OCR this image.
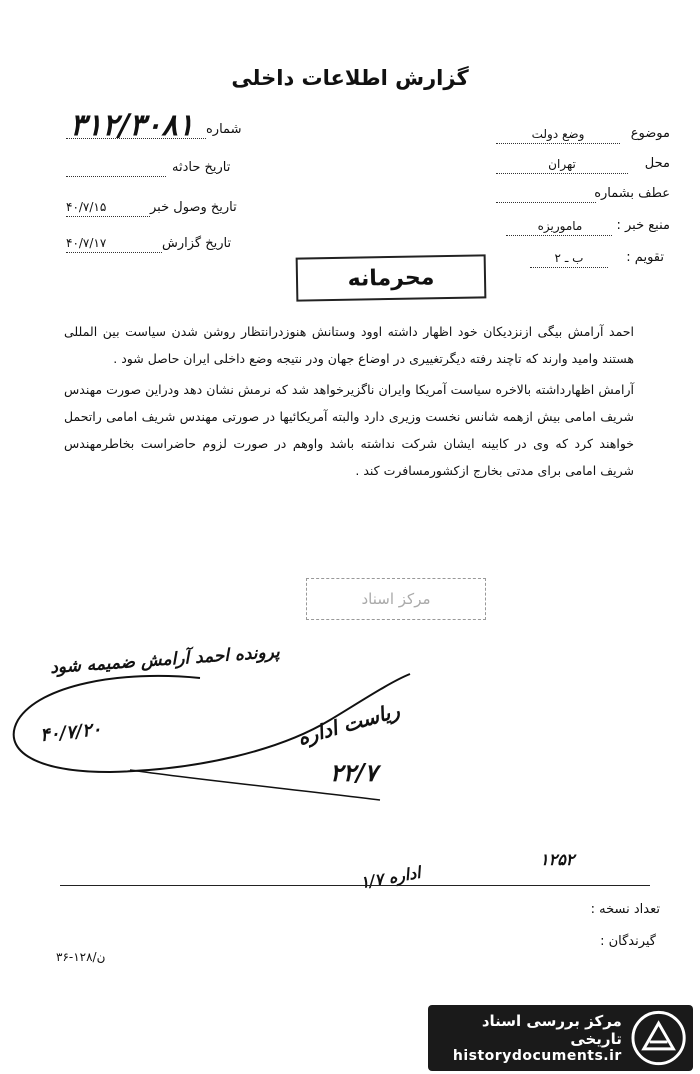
گزارش اطلاعات داخلی
شماره
۳۱۲/۳۰۸۱
تاریخ حادثه
تاریخ وصول خبر
۴۰/۷/۱۵
تاریخ گزارش
۴۰/۷/۱۷
موضوع
وضع دولت
محل
تهران
عطف بشماره
منبع خبر :
ماموریزه
تقویم :
ب ـ ۲
محرمانه

احمد آرامش بیگی ازنزدیکان خود اظهار داشته اوود وستانش هنوزدرانتظار روشن شدن سیاست بین المللی هستند وامید وارند که تاچند رفته دیگرتغییری در اوضاع جهان ودر نتیجه وضع داخلی ایران حاصل شود .

آرامش اظهارداشته بالاخره سیاست آمریکا وایران ناگزیرخواهد شد که نرمش نشان دهد ودراین صورت مهندس شریف امامی بیش ازهمه شانس نخست وزیری دارد والبته آمریکائیها در صورتی مهندس شریف امامی راتحمل خواهند کرد که وی در کابینه ایشان شرکت نداشته باشد واوهم در صورت لزوم حاضراست بخاطرمهندس شریف امامی برای مدتی بخارج ازکشورمسافرت کند .

مرکز اسناد
پرونده احمد آرامش ضمیمه شود
۴۰/۷/۲۰	ریاست اداره
۲۲/۷
۱۲۵۲
اداره ۱/۷
تعداد نسخه :
گیرندگان :
۳۶-۱۲۸/ن
مرکز بررسی اسناد تاریخی
historydocuments.ir
